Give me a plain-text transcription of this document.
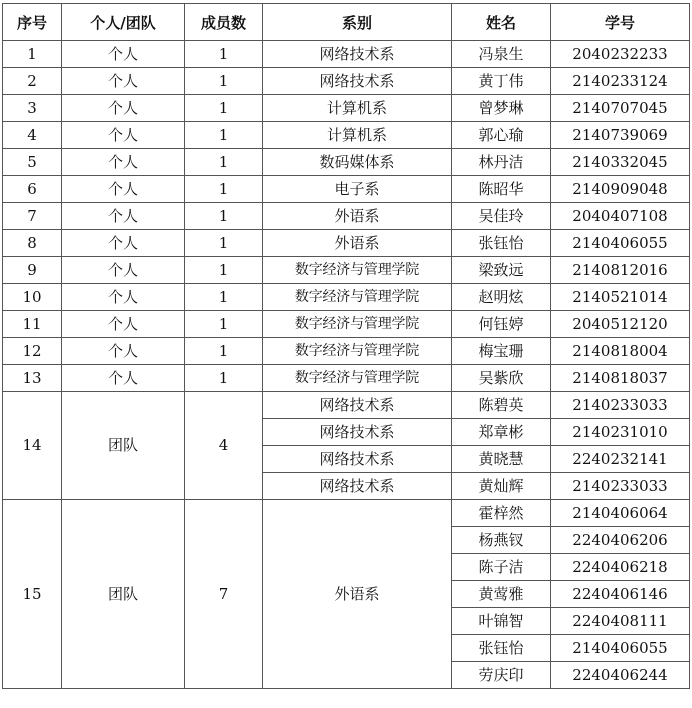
序号	个人/团队	成员数	系别	姓名	学号
1	个人	1	网络技术系	冯泉生	2040232233
2	个人	1	网络技术系	黄丁伟	2140233124
3	个人	1	计算机系	曾梦琳	2140707045
4	个人	1	计算机系	郭心瑜	2140739069
5	个人	1	数码媒体系	林丹洁	2140332045
6	个人	1	电子系	陈昭华	2140909048
7	个人	1	外语系	吴佳玲	2040407108
8	个人	1	外语系	张钰怡	2140406055
9	个人	1	数字经济与管理学院	梁致远	2140812016
10	个人	1	数字经济与管理学院	赵明炫	2140521014
11	个人	1	数字经济与管理学院	何钰婷	2040512120
12	个人	1	数字经济与管理学院	梅宝珊	2140818004
13	个人	1	数字经济与管理学院	吴紫欣	2140818037
14	团队	4	网络技术系	陈碧英	2140233033
			网络技术系	郑章彬	2140231010
			网络技术系	黄晓慧	2240232141
			网络技术系	黄灿辉	2140233033
15	团队	7	外语系	霍梓然	2140406064
				杨燕钗	2240406206
				陈子洁	2240406218
				黄莺雅	2240406146
				叶锦智	2240408111
				张钰怡	2140406055
				劳庆印	2240406244
